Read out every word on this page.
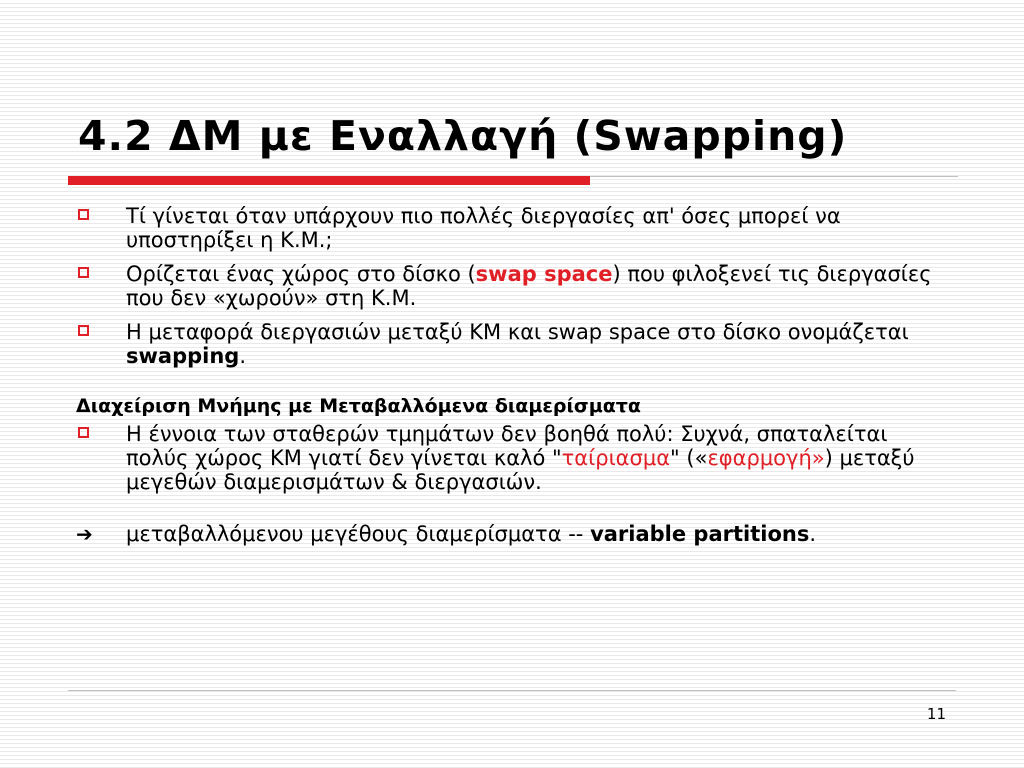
4.2 ΔΜ με Εναλλαγή (Swapping)
Τί γίνεται όταν υπάρχουν πιο πολλές διεργασίες απ' όσες μπορεί να υποστηρίξει η Κ.Μ.;
Ορίζεται ένας χώρος στο δίσκο (swap space) που φιλοξενεί τις διεργασίες που δεν «χωρούν» στη Κ.Μ.
Η μεταφορά διεργασιών μεταξύ ΚΜ και swap space στο δίσκο ονομάζεται swapping.
Διαχείριση Μνήμης με Μεταβαλλόμενα διαμερίσματα
Η έννοια των σταθερών τμημάτων δεν βοηθά πολύ: Συχνά, σπαταλείται πολύς χώρος ΚΜ γιατί δεν γίνεται καλό "ταίριασμα" («εφαρμογή») μεταξύ μεγεθών διαμερισμάτων & διεργασιών.
➔ μεταβαλλόμενου μεγέθους διαμερίσματα -- variable partitions.
11
